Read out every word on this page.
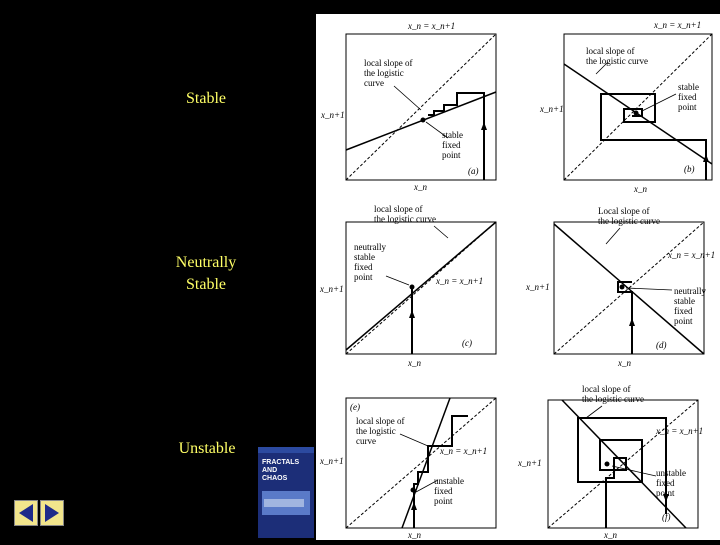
Stable
Neutrally
Stable
Unstable
FRACTALS
AND
CHAOS
local slope of
the logistic
curve
stable
fixed
point
x_n = x_n+1
x_n+1
x_n
(a)
local slope of
the logistic curve
stable
fixed
point
x_n = x_n+1
x_n+1
x_n
(b)
local slope of
the logistic curve
neutrally
stable
fixed
point	x_n = x_n+1
x_n+1
x_n
(c)
Local slope of
the logistic curve
neutrally
stable
fixed
point
x_n = x_n+1
x_n+1
x_n
(d)
local slope of
the logistic
curve
unstable
fixed
point
x_n = x_n+1
x_n+1
x_n
(e)
local slope of
the logistic curve
unstable
fixed
point
x_n = x_n+1
x_n+1
x_n
(f)
